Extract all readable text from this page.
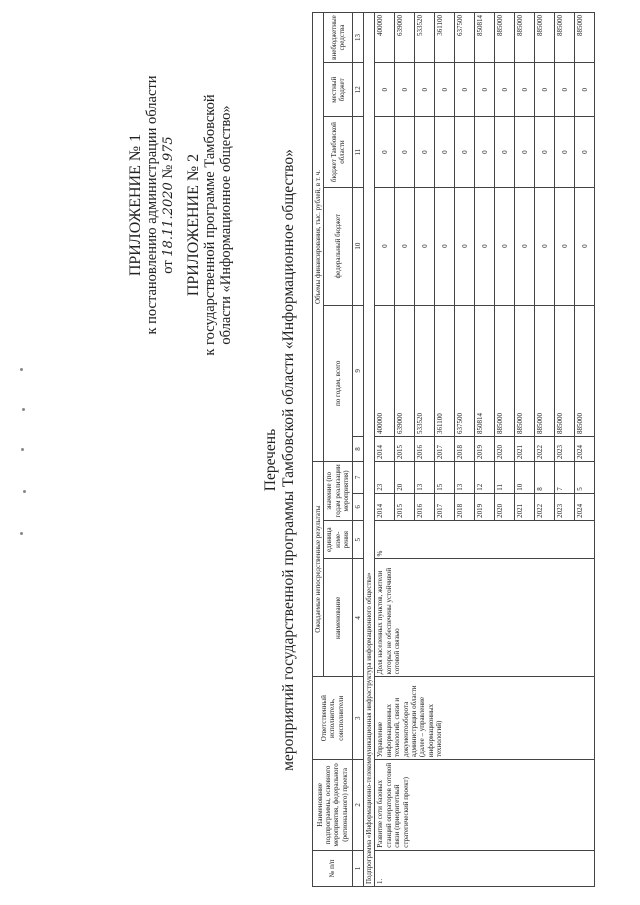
ПРИЛОЖЕНИЕ № 1 к постановлению администрации области от 18.11.2020 № 975
ПРИЛОЖЕНИЕ № 2 к государственной программе Тамбовской области «Информационное общество»
Перечень мероприятий государственной программы Тамбовской области «Информационное общество»
№ п/п	Наименование подпрограммы, основного мероприятия, федерального (регионального) проекта	Ответственный исполнитель, соисполнители	Ожидаемые непосредственные результаты				Объемы финансирования, тыс. рублей, в т. ч.					
			наименование	единица изме-рения	значение (по годам реализации мероприятия)		по годам, всего		федеральный бюджет	бюджет Тамбовской области	местный бюджет	внебюджетные средства
1	2	3	4	5	6	7	8	9	10	11	12	13
Подпрограмма «Информационно-телекоммуникационная инфраструктура информационного общества»												
1.	Развитие сети базовых станций операторов сотовой связи (приоритетный стратегический проект)	Управление информационных технологий, связи и документооборота администрации области (далее – управление информационных технологий)	Доля населенных пунктов, жители которых не обеспечены устойчивой сотовой связью	%	2014	23	2014	400000	0	0	0	400000
					2015	20	2015	639000	0	0	0	639000
					2016	13	2016	533520	0	0	0	533520
					2017	15	2017	361100	0	0	0	361100
					2018	13	2018	637500	0	0	0	637500
					2019	12	2019	850814	0	0	0	850814
					2020	11	2020	885000	0	0	0	885000
					2021	10	2021	885000	0	0	0	885000
					2022	8	2022	885000	0	0	0	885000
					2023	7	2023	885000	0	0	0	885000
					2024	5	2024	885000	0	0	0	885000
